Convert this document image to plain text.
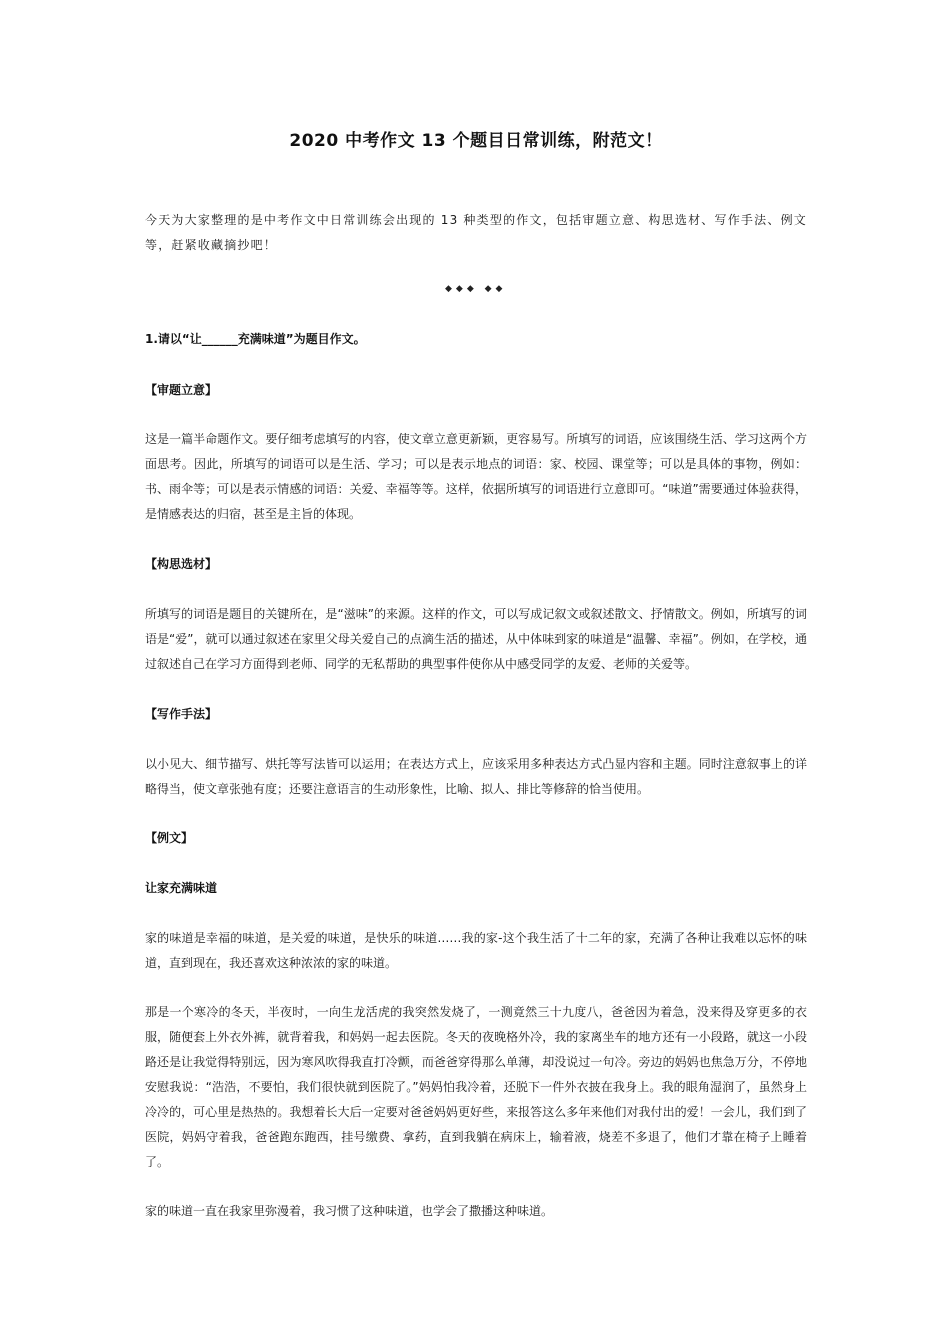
2020 中考作文 13 个题目日常训练，附范文！
今天为大家整理的是中考作文中日常训练会出现的 13 种类型的作文，包括审题立意、构思选材、写作手法、例文等，赶紧收藏摘抄吧！
◆◆◆ ◆◆
1.请以“让______充满味道”为题目作文。
【审题立意】
这是一篇半命题作文。要仔细考虑填写的内容，使文章立意更新颖，更容易写。所填写的词语，应该围绕生活、学习这两个方面思考。因此，所填写的词语可以是生活、学习；可以是表示地点的词语：家、校园、课堂等；可以是具体的事物，例如：书、雨伞等；可以是表示情感的词语：关爱、幸福等等。这样，依据所填写的词语进行立意即可。“味道”需要通过体验获得，是情感表达的归宿，甚至是主旨的体现。
【构思选材】
所填写的词语是题目的关键所在，是“滋味”的来源。这样的作文，可以写成记叙文或叙述散文、抒情散文。例如，所填写的词语是“爱”，就可以通过叙述在家里父母关爱自己的点滴生活的描述，从中体味到家的味道是“温馨、幸福”。例如，在学校，通过叙述自己在学习方面得到老师、同学的无私帮助的典型事件使你从中感受同学的友爱、老师的关爱等。
【写作手法】
以小见大、细节描写、烘托等写法皆可以运用；在表达方式上，应该采用多种表达方式凸显内容和主题。同时注意叙事上的详略得当，使文章张弛有度；还要注意语言的生动形象性，比喻、拟人、排比等修辞的恰当使用。
【例文】
让家充满味道
家的味道是幸福的味道，是关爱的味道，是快乐的味道……我的家-这个我生活了十二年的家，充满了各种让我难以忘怀的味道，直到现在，我还喜欢这种浓浓的家的味道。
那是一个寒冷的冬天，半夜时，一向生龙活虎的我突然发烧了，一测竟然三十九度八，爸爸因为着急，没来得及穿更多的衣服，随便套上外衣外裤，就背着我，和妈妈一起去医院。冬天的夜晚格外冷，我的家离坐车的地方还有一小段路，就这一小段路还是让我觉得特别远，因为寒风吹得我直打冷颤，而爸爸穿得那么单薄，却没说过一句冷。旁边的妈妈也焦急万分，不停地安慰我说：“浩浩，不要怕，我们很快就到医院了。”妈妈怕我冷着，还脱下一件外衣披在我身上。我的眼角湿润了，虽然身上冷冷的，可心里是热热的。我想着长大后一定要对爸爸妈妈更好些，来报答这么多年来他们对我付出的爱！一会儿，我们到了医院，妈妈守着我，爸爸跑东跑西，挂号缴费、拿药，直到我躺在病床上，输着液，烧差不多退了，他们才靠在椅子上睡着了。
家的味道一直在我家里弥漫着，我习惯了这种味道，也学会了撒播这种味道。
